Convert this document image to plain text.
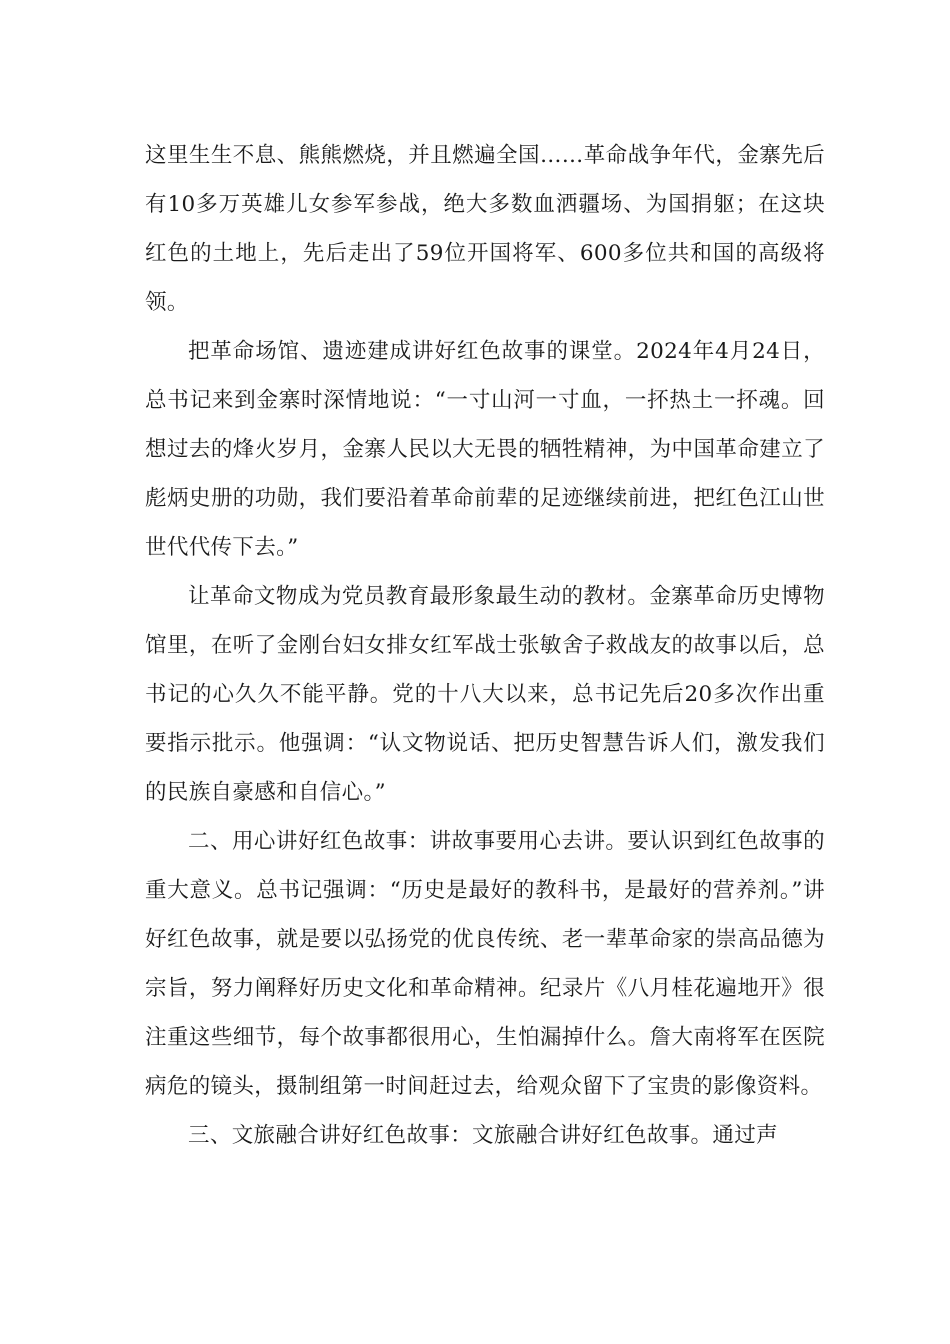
这里生生不息、熊熊燃烧，并且燃遍全国……革命战争年代，金寨先后有10多万英雄儿女参军参战，绝大多数血洒疆场、为国捐躯；在这块红色的土地上，先后走出了59位开国将军、600多位共和国的高级将领。

把革命场馆、遗迹建成讲好红色故事的课堂。2024年4月24日，总书记来到金寨时深情地说：“一寸山河一寸血，一抔热土一抔魂。回想过去的烽火岁月，金寨人民以大无畏的牺牲精神，为中国革命建立了彪炳史册的功勋，我们要沿着革命前辈的足迹继续前进，把红色江山世世代代传下去。”

让革命文物成为党员教育最形象最生动的教材。金寨革命历史博物馆里，在听了金刚台妇女排女红军战士张敏舍子救战友的故事以后，总书记的心久久不能平静。党的十八大以来，总书记先后20多次作出重要指示批示。他强调：“认文物说话、把历史智慧告诉人们，激发我们的民族自豪感和自信心。”

二、用心讲好红色故事：讲故事要用心去讲。要认识到红色故事的重大意义。总书记强调：“历史是最好的教科书，是最好的营养剂。”讲好红色故事，就是要以弘扬党的优良传统、老一辈革命家的崇高品德为宗旨，努力阐释好历史文化和革命精神。纪录片《八月桂花遍地开》很注重这些细节，每个故事都很用心，生怕漏掉什么。詹大南将军在医院病危的镜头，摄制组第一时间赶过去，给观众留下了宝贵的影像资料。

三、文旅融合讲好红色故事：文旅融合讲好红色故事。通过声
